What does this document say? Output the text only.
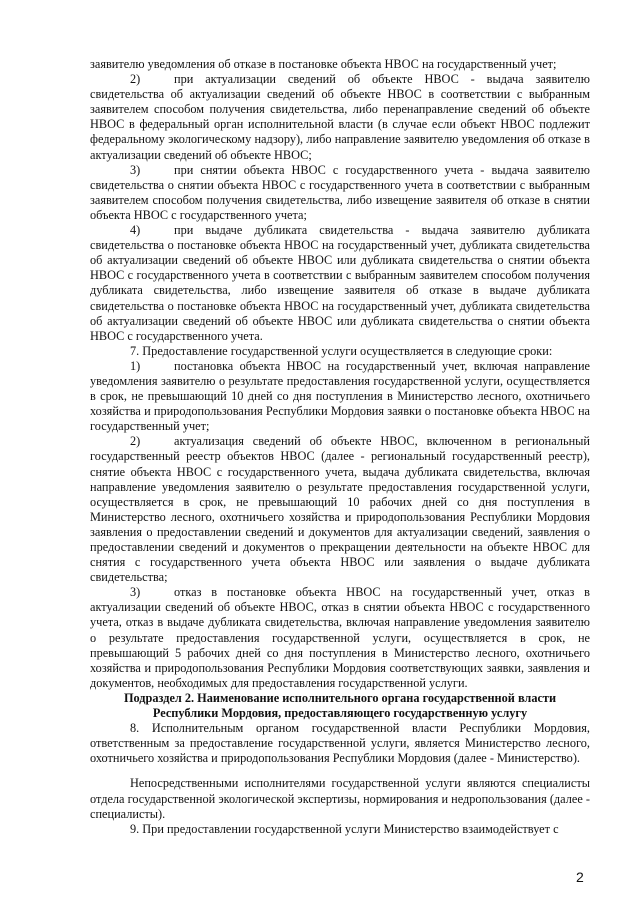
заявителю уведомления об отказе в постановке объекта НВОС на государственный учет;

2)	при актуализации сведений об объекте НВОС - выдача заявителю свидетельства об актуализации сведений об объекте НВОС в соответствии с выбранным заявителем способом получения свидетельства, либо перенаправление сведений об объекте НВОС в федеральный орган исполнительной власти (в случае если объект НВОС подлежит федеральному экологическому надзору), либо направление заявителю уведомления об отказе в актуализации сведений об объекте НВОС;

3)	при снятии объекта НВОС с государственного учета - выдача заявителю свидетельства о снятии объекта НВОС с государственного учета в соответствии с выбранным заявителем способом получения свидетельства, либо извещение заявителя об отказе в снятии объекта НВОС с государственного учета;

4)	при выдаче дубликата свидетельства - выдача заявителю дубликата свидетельства о постановке объекта НВОС на государственный учет, дубликата свидетельства об актуализации сведений об объекте НВОС или дубликата свидетельства о снятии объекта НВОС с государственного учета в соответствии с выбранным заявителем способом получения дубликата свидетельства, либо извещение заявителя об отказе в выдаче дубликата свидетельства о постановке объекта НВОС на государственный учет, дубликата свидетельства об актуализации сведений об объекте НВОС или дубликата свидетельства о снятии объекта НВОС с государственного учета.

7. Предоставление государственной услуги осуществляется в следующие сроки:

1)	постановка объекта НВОС на государственный учет, включая направление уведомления заявителю о результате предоставления государственной услуги, осуществляется в срок, не превышающий 10 дней со дня поступления в Министерство лесного, охотничьего хозяйства и природопользования Республики Мордовия заявки о постановке объекта НВОС на государственный учет;

2)	актуализация сведений об объекте НВОС, включенном в региональный государственный реестр объектов НВОС (далее - региональный государственный реестр), снятие объекта НВОС с государственного учета, выдача дубликата свидетельства, включая направление уведомления заявителю о результате предоставления государственной услуги, осуществляется в срок, не превышающий 10 рабочих дней со дня поступления в Министерство лесного, охотничьего хозяйства и природопользования Республики Мордовия заявления о предоставлении сведений и документов для актуализации сведений, заявления о предоставлении сведений и документов о прекращении деятельности на объекте НВОС для снятия с государственного учета объекта НВОС или заявления о выдаче дубликата свидетельства;

3)	отказ в постановке объекта НВОС на государственный учет, отказ в актуализации сведений об объекте НВОС, отказ в снятии объекта НВОС с государственного учета, отказ в выдаче дубликата свидетельства, включая направление уведомления заявителю о результате предоставления государственной услуги, осуществляется в срок, не превышающий 5 рабочих дней со дня поступления в Министерство лесного, охотничьего хозяйства и природопользования Республики Мордовия соответствующих заявки, заявления и документов, необходимых для предоставления государственной услуги.

Подраздел 2. Наименование исполнительного органа государственной власти Республики Мордовия, предоставляющего государственную услугу

8. Исполнительным органом государственной власти Республики Мордовия, ответственным за предоставление государственной услуги, является Министерство лесного, охотничьего хозяйства и природопользования Республики Мордовия (далее - Министерство).

Непосредственными исполнителями государственной услуги являются специалисты отдела государственной экологической экспертизы, нормирования и недропользования (далее - специалисты).

9. При предоставлении государственной услуги Министерство взаимодействует с

2
